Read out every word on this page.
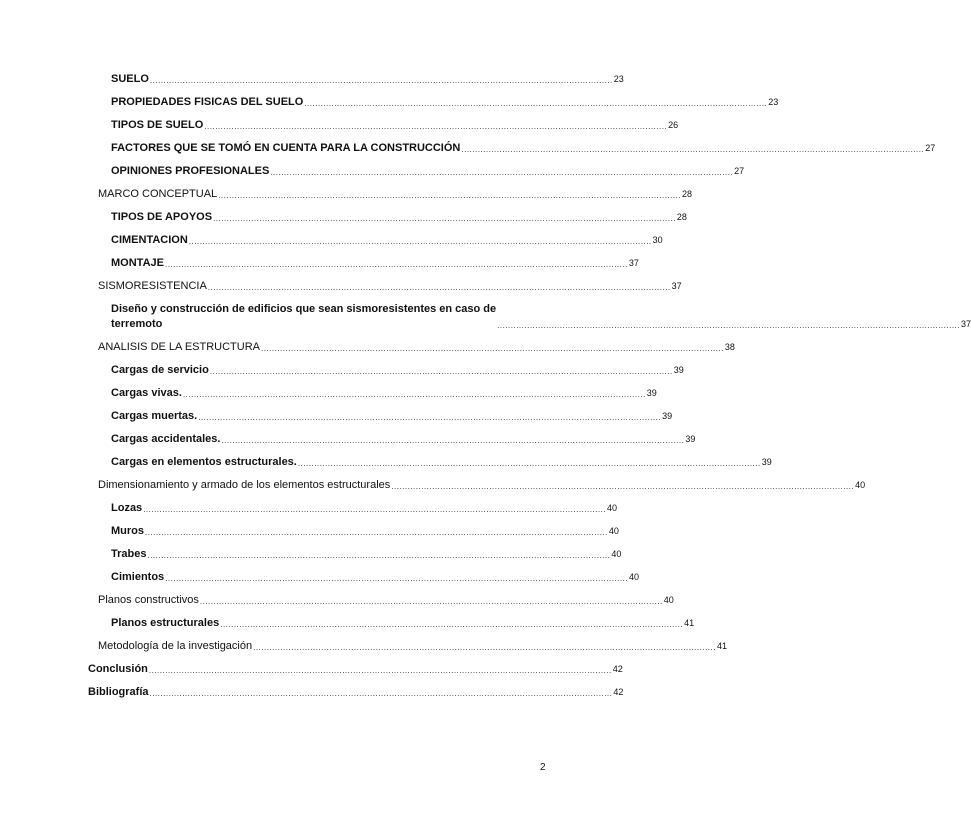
SUELO .......................................................................................................................................................................... 23
PROPIEDADES FISICAS DEL SUELO .......................................................................................................................................................................... 23
TIPOS DE SUELO .......................................................................................................................................................................... 26
FACTORES QUE SE TOMÓ EN CUENTA PARA LA CONSTRUCCIÓN .......................................................................................................................................................................... 27
OPINIONES PROFESIONALES .......................................................................................................................................................................... 27
MARCO CONCEPTUAL .......................................................................................................................................................................... 28
TIPOS DE APOYOS .......................................................................................................................................................................... 28
CIMENTACION .......................................................................................................................................................................... 30
MONTAJE .......................................................................................................................................................................... 37
SISMORESISTENCIA .......................................................................................................................................................................... 37
Diseño y construcción de edificios que sean sismoresistentes en caso de
terremoto	.......................................................................................................................................................................... 37
ANALISIS DE LA ESTRUCTURA .......................................................................................................................................................................... 38
Cargas de servicio .......................................................................................................................................................................... 39
Cargas vivas. .......................................................................................................................................................................... 39
Cargas muertas. .......................................................................................................................................................................... 39
Cargas accidentales. .......................................................................................................................................................................... 39
Cargas en elementos estructurales. .......................................................................................................................................................................... 39
Dimensionamiento y armado de los elementos estructurales .......................................................................................................................................................................... 40
Lozas .......................................................................................................................................................................... 40
Muros .......................................................................................................................................................................... 40
Trabes .......................................................................................................................................................................... 40
Cimientos .......................................................................................................................................................................... 40
Planos constructivos .......................................................................................................................................................................... 40
Planos estructurales .......................................................................................................................................................................... 41
Metodología de la investigación .......................................................................................................................................................................... 41
Conclusión .......................................................................................................................................................................... 42
Bibliografía .......................................................................................................................................................................... 42
2
